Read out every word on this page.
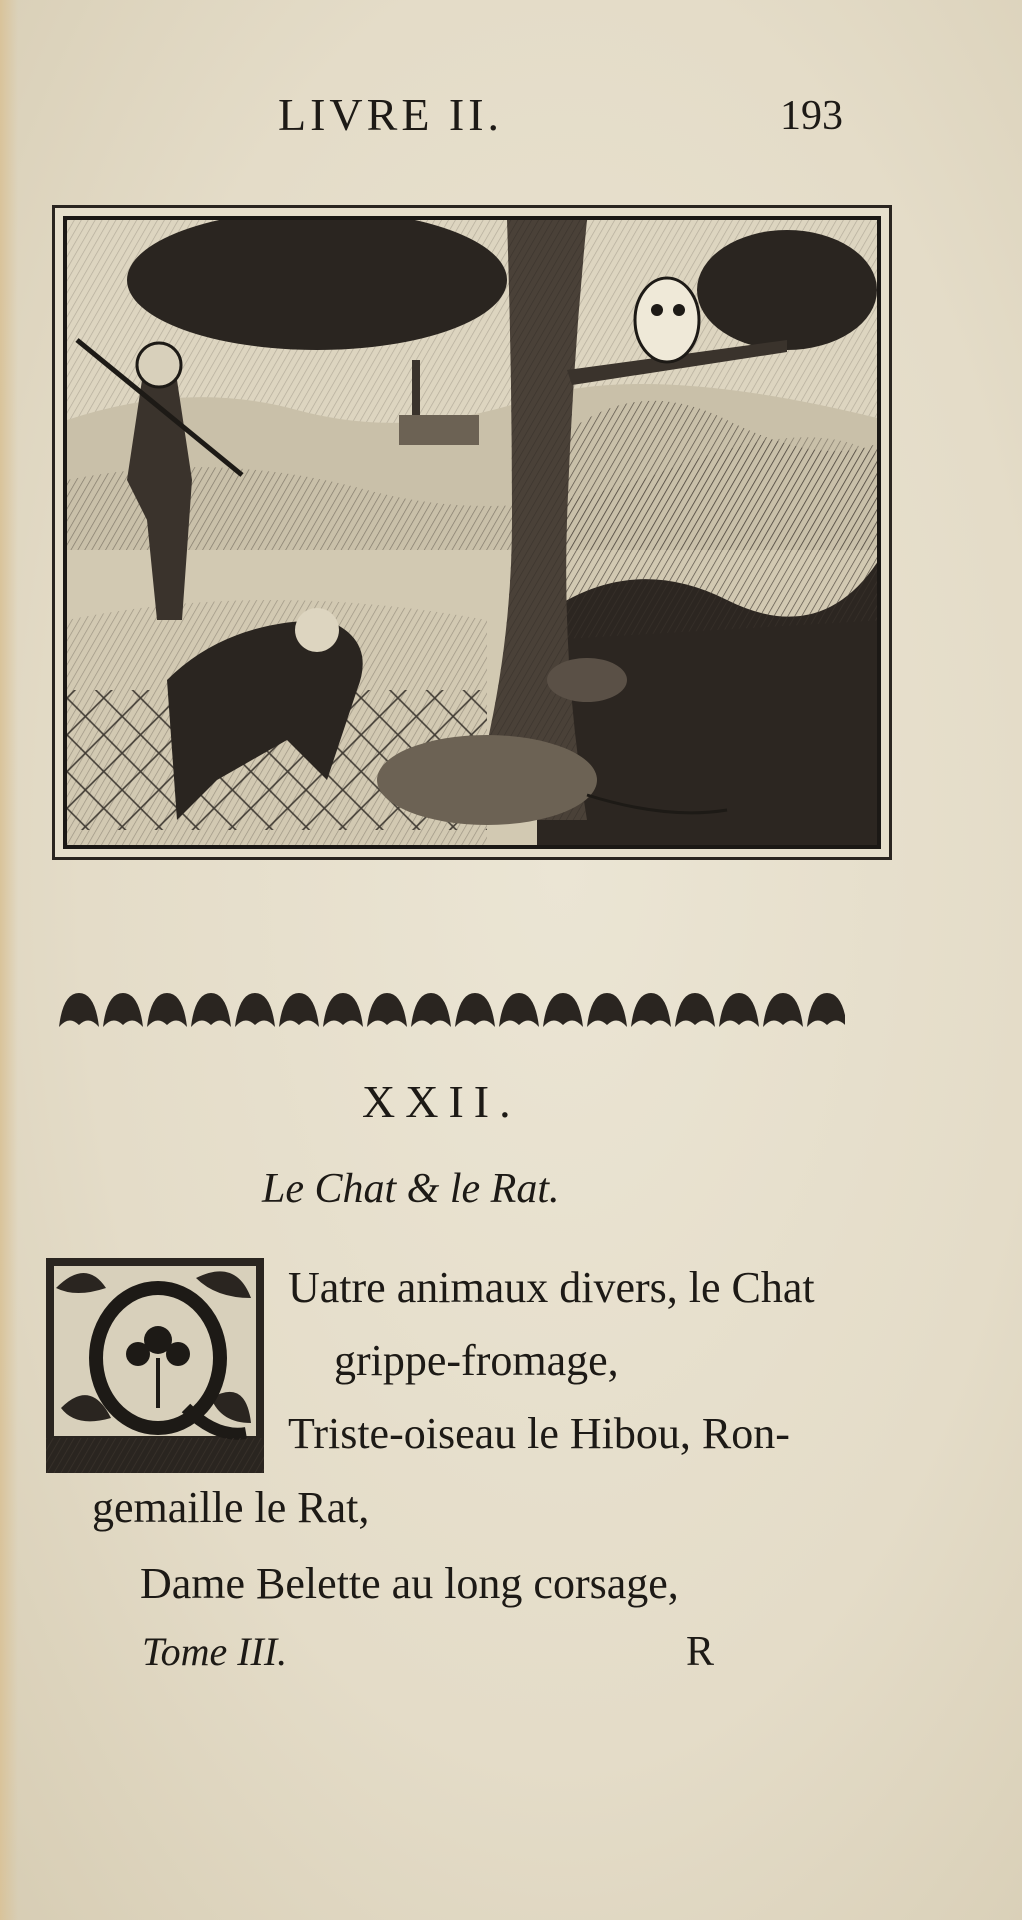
LIVRE II.	193
XXII.
Le Chat & le Rat.
Uatre animaux divers, le Chat
grippe-fromage,
Triste-oiseau le Hibou, Ron-
gemaille le Rat,
Dame Belette au long corsage,
Tome III.	R
